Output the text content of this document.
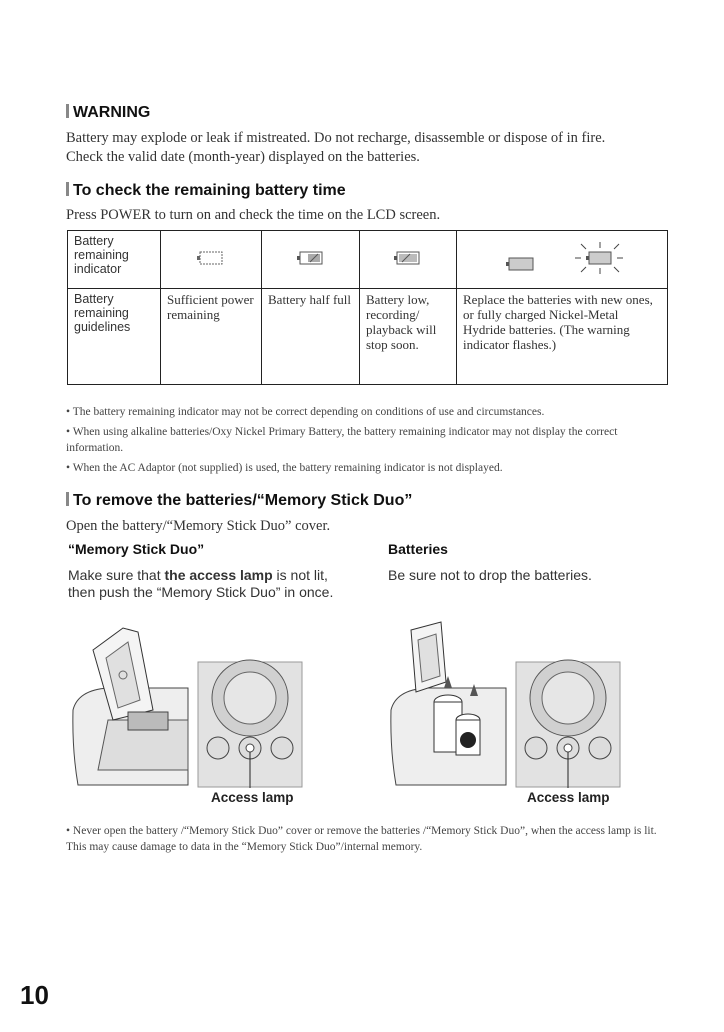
WARNING
Battery may explode or leak if mistreated. Do not recharge, disassemble or dispose of in fire.
Check the valid date (month-year) displayed on the batteries.
To check the remaining battery time
Press POWER to turn on and check the time on the LCD screen.
Battery remaining indicator				
Battery remaining guidelines	Sufficient power remaining	Battery half full	Battery low, recording/ playback will stop soon.	Replace the batteries with new ones, or fully charged Nickel-Metal Hydride batteries. (The warning indicator flashes.)
• The battery remaining indicator may not be correct depending on conditions of use and circumstances.
• When using alkaline batteries/Oxy Nickel Primary Battery, the battery remaining indicator may not display the correct information.
• When the AC Adaptor (not supplied) is used, the battery remaining indicator is not displayed.
To remove the batteries/“Memory Stick Duo”
Open the battery/“Memory Stick Duo” cover.
“Memory Stick Duo”	Batteries
Make sure that the access lamp is not lit, then push the “Memory Stick Duo” in once.
Be sure not to drop the batteries.
Access lamp	Access lamp
• Never open the battery /“Memory Stick Duo” cover or remove the batteries /“Memory Stick Duo”, when the access lamp is lit. This may cause damage to data in the “Memory Stick Duo”/internal memory.
10
